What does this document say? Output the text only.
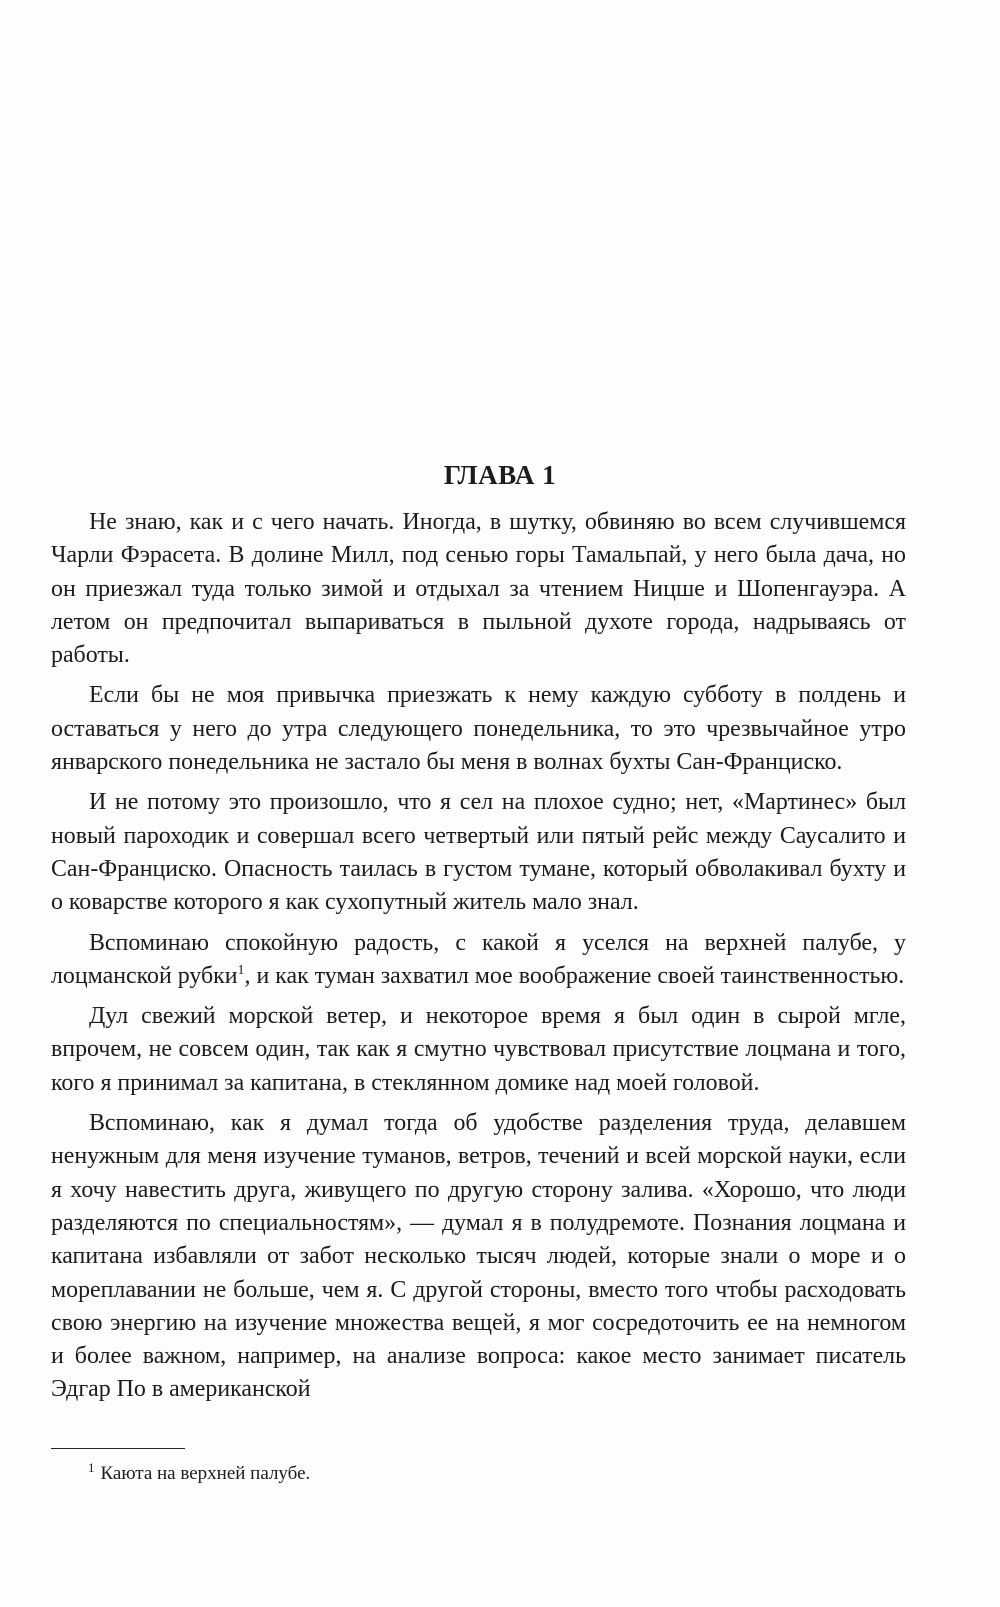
ГЛАВА 1

Не знаю, как и с чего начать. Иногда, в шутку, обвиняю во всем случившемся Чарли Фэрасета. В долине Милл, под сенью горы Тамальпай, у него была дача, но он приезжал туда только зимой и отдыхал за чтением Ницше и Шопенгауэра. А летом он предпочитал выпариваться в пыльной духоте города, надрываясь от работы.

Если бы не моя привычка приезжать к нему каждую субботу в полдень и оставаться у него до утра следующего понедельника, то это чрезвычайное утро январского понедельника не застало бы меня в волнах бухты Сан-Франциско.

И не потому это произошло, что я сел на плохое судно; нет, «Мартинес» был новый пароходик и совершал всего четвертый или пятый рейс между Саусалито и Сан-Франциско. Опасность таилась в густом тумане, который обволакивал бухту и о коварстве которого я как сухопутный житель мало знал.

Вспоминаю спокойную радость, с какой я уселся на верхней палубе, у лоцманской рубки$^1$, и как туман захватил мое воображение своей таинственностью.

Дул свежий морской ветер, и некоторое время я был один в сырой мгле, впрочем, не совсем один, так как я смутно чувствовал присутствие лоцмана и того, кого я принимал за капитана, в стеклянном домике над моей головой.

Вспоминаю, как я думал тогда об удобстве разделения труда, делавшем ненужным для меня изучение туманов, ветров, течений и всей морской науки, если я хочу навестить друга, живущего по другую сторону залива. «Хорошо, что люди разделяются по специальностям», — думал я в полудремоте. Познания лоцмана и капитана избавляли от забот несколько тысяч людей, которые знали о море и о мореплавании не больше, чем я. С другой стороны, вместо того чтобы расходовать свою энергию на изучение множества вещей, я мог сосредоточить ее на немногом и более важном, например, на анализе вопроса: какое место занимает писатель Эдгар По в американской

$^1$ Каюта на верхней палубе.
